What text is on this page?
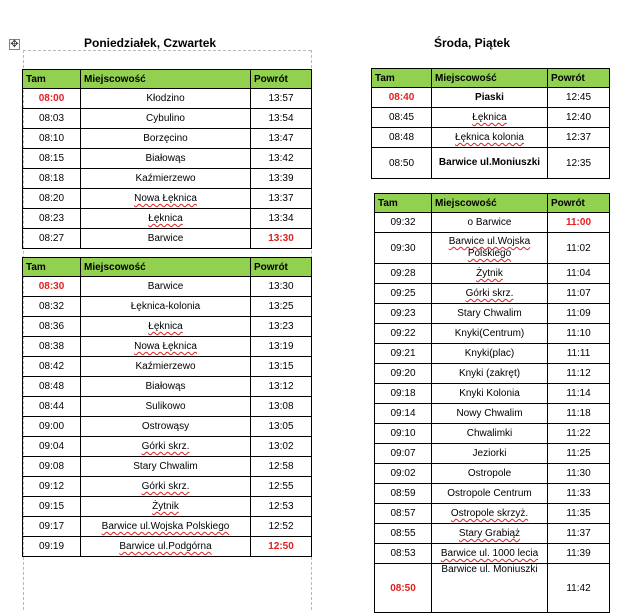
✥	Poniedziałek, Czwartek	Środa, Piątek
Tam	Miejscowość	Powrót
08:00	Kłodzino	13:57
08:03	Cybulino	13:54
08:10	Borzęcino	13:47
08:15	Białowąs	13:42
08:18	Kaźmierzewo	13:39
08:20	Nowa Łęknica	13:37
08:23	Łęknica	13:34
08:27	Barwice	13:30
Tam	Miejscowość	Powrót
08:30	Barwice	13:30
08:32	Łęknica-kolonia	13:25
08:36	Łęknica	13:23
08:38	Nowa Łęknica	13:19
08:42	Kaźmierzewo	13:15
08:48	Białowąs	13:12
08:44	Sulikowo	13:08
09:00	Ostrowąsy	13:05
09:04	Górki skrz.	13:02
09:08	Stary Chwalim	12:58
09:12	Górki skrz.	12:55
09:15	Żytnik	12:53
09:17	Barwice ul.Wojska Polskiego	12:52
09:19	Barwice ul.Podgórna	12:50
Tam	Miejscowość	Powrót
08:40	Piaski	12:45
08:45	Łęknica	12:40
08:48	Łęknica kolonia	12:37
08:50	Barwice ul.Moniuszki	12:35
Tam	Miejscowość	Powrót
09:32	o Barwice	11:00
09:30	Barwice ul.Wojska Polskiego	11:02
09:28	Żytnik	11:04
09:25	Górki skrz.	11:07
09:23	Stary Chwalim	11:09
09:22	Knyki(Centrum)	11:10
09:21	Knyki(plac)	11:11
09:20	Knyki (zakręt)	11:12
09:18	Knyki Kolonia	11:14
09:14	Nowy Chwalim	11:18
09:10	Chwalimki	11:22
09:07	Jeziorki	11:25
09:02	Ostropole	11:30
08:59	Ostropole Centrum	11:33
08:57	Ostropole skrzyż.	11:35
08:55	Stary Grabiąż	11:37
08:53	Barwice ul. 1000 lecia	11:39
08:50	Barwice ul. Moniuszki	11:42
